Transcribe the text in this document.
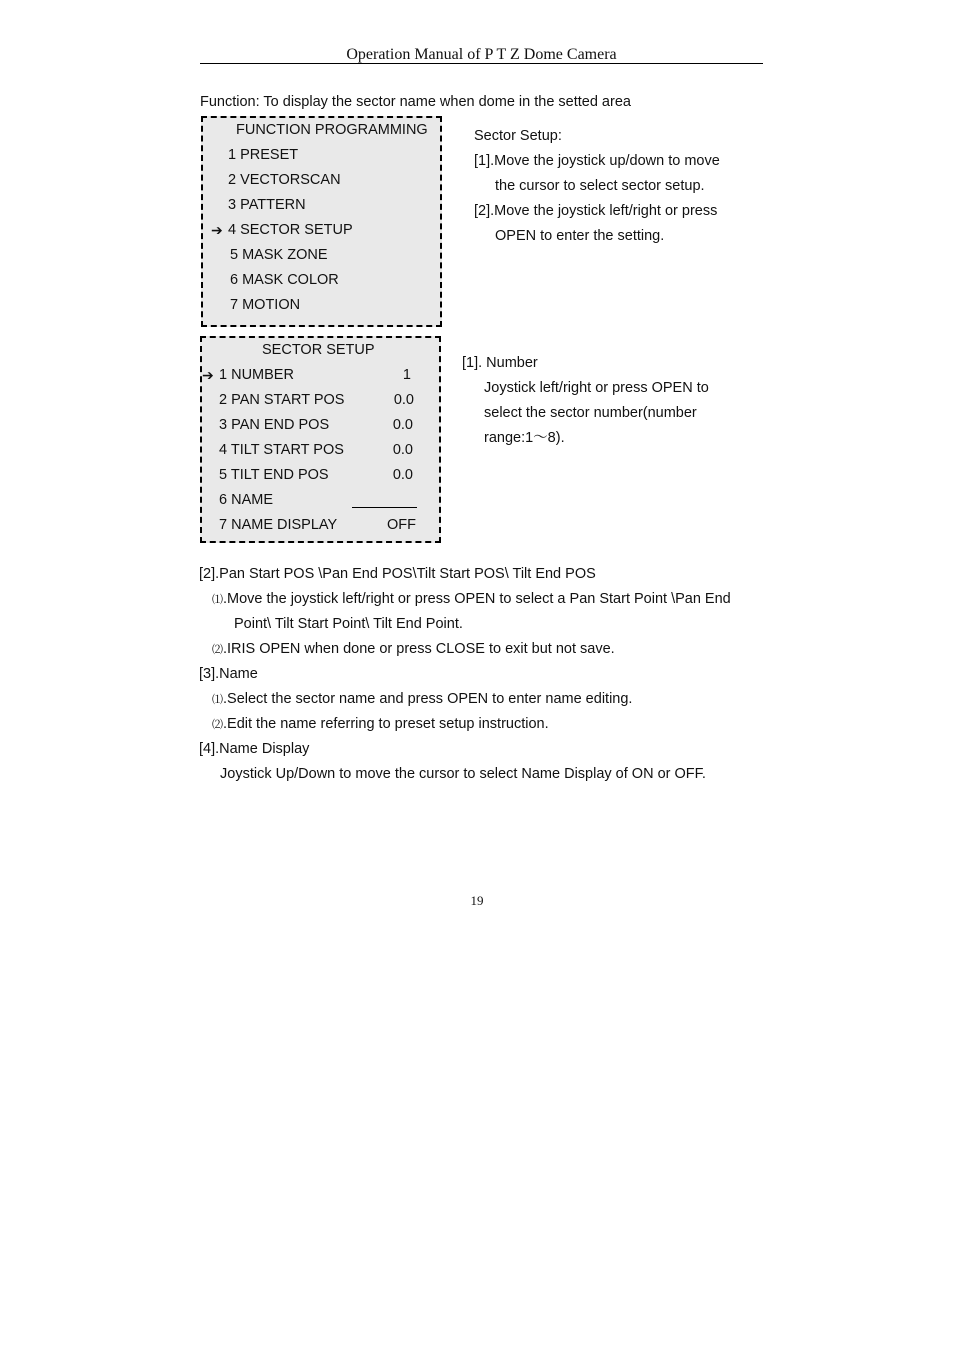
Operation Manual of P T Z Dome Camera
Function: To display the sector name when dome in the setted area
FUNCTION PROGRAMMING
1 PRESET
2 VECTORSCAN
3 PATTERN
➔ 4 SECTOR SETUP
5 MASK ZONE
6 MASK COLOR
7 MOTION
Sector Setup:
[1].Move the joystick up/down to move
the cursor to select sector setup.
[2].Move the joystick left/right or press
OPEN to enter the setting.
SECTOR SETUP
➔ 1 NUMBER	1
2 PAN START POS	0.0
3 PAN END POS	0.0
4 TILT START POS	0.0
5 TILT END POS	0.0
6 NAME
7 NAME DISPLAY	OFF
[1]. Number
Joystick left/right or press OPEN to
select the sector number(number
range:1～8).
[2].Pan Start POS \Pan End POS\Tilt Start POS\ Tilt End POS
⑴.Move the joystick left/right or press OPEN to select a Pan Start Point \Pan End
Point\ Tilt Start Point\ Tilt End Point.
⑵.IRIS OPEN when done or press CLOSE to exit but not save.
[3].Name
⑴.Select the sector name and press OPEN to enter name editing.
⑵.Edit the name referring to preset setup instruction.
[4].Name Display
Joystick Up/Down to move the cursor to select Name Display of ON or OFF.
19
